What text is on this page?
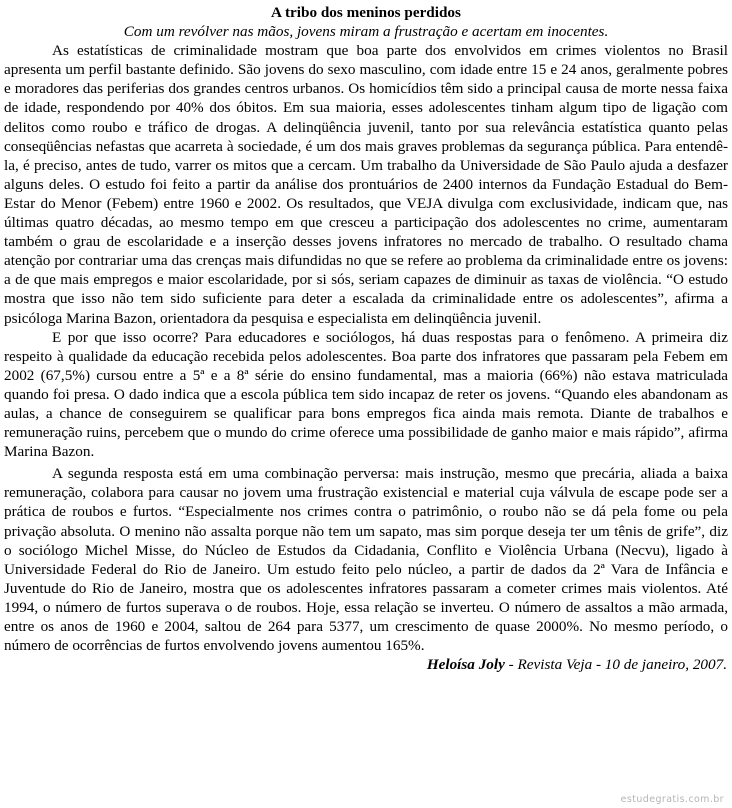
A tribo dos meninos perdidos

Com um revólver nas mãos, jovens miram a frustração e acertam em inocentes.

As estatísticas de criminalidade mostram que boa parte dos envolvidos em crimes violentos no Brasil apresenta um perfil bastante definido. São jovens do sexo masculino, com idade entre 15 e 24 anos, geralmente pobres e moradores das periferias dos grandes centros urbanos. Os homicídios têm sido a principal causa de morte nessa faixa de idade, respondendo por 40% dos óbitos. Em sua maioria, esses adolescentes tinham algum tipo de ligação com delitos como roubo e tráfico de drogas. A delinqüência juvenil, tanto por sua relevância estatística quanto pelas conseqüências nefastas que acarreta à sociedade, é um dos mais graves problemas da segurança pública. Para entendê-la, é preciso, antes de tudo, varrer os mitos que a cercam. Um trabalho da Universidade de São Paulo ajuda a desfazer alguns deles. O estudo foi feito a partir da análise dos prontuários de 2400 internos da Fundação Estadual do Bem-Estar do Menor (Febem) entre 1960 e 2002. Os resultados, que VEJA divulga com exclusividade, indicam que, nas últimas quatro décadas, ao mesmo tempo em que cresceu a participação dos adolescentes no crime, aumentaram também o grau de escolaridade e a inserção desses jovens infratores no mercado de trabalho. O resultado chama atenção por contrariar uma das crenças mais difundidas no que se refere ao problema da criminalidade entre os jovens: a de que mais empregos e maior escolaridade, por si sós, seriam capazes de diminuir as taxas de violência. “O estudo mostra que isso não tem sido suficiente para deter a escalada da criminalidade entre os adolescentes”, afirma a psicóloga Marina Bazon, orientadora da pesquisa e especialista em delinqüência juvenil.

E por que isso ocorre? Para educadores e sociólogos, há duas respostas para o fenômeno. A primeira diz respeito à qualidade da educação recebida pelos adolescentes. Boa parte dos infratores que passaram pela Febem em 2002 (67,5%) cursou entre a 5ª e a 8ª série do ensino fundamental, mas a maioria (66%) não estava matriculada quando foi presa. O dado indica que a escola pública tem sido incapaz de reter os jovens. “Quando eles abandonam as aulas, a chance de conseguirem se qualificar para bons empregos fica ainda mais remota. Diante de trabalhos e remuneração ruins, percebem que o mundo do crime oferece uma possibilidade de ganho maior e mais rápido”, afirma Marina Bazon.

A segunda resposta está em uma combinação perversa: mais instrução, mesmo que precária, aliada a baixa remuneração, colabora para causar no jovem uma frustração existencial e material cuja válvula de escape pode ser a prática de roubos e furtos. “Especialmente nos crimes contra o patrimônio, o roubo não se dá pela fome ou pela privação absoluta. O menino não assalta porque não tem um sapato, mas sim porque deseja ter um tênis de grife”, diz o sociólogo Michel Misse, do Núcleo de Estudos da Cidadania, Conflito e Violência Urbana (Necvu), ligado à Universidade Federal do Rio de Janeiro. Um estudo feito pelo núcleo, a partir de dados da 2ª Vara de Infância e Juventude do Rio de Janeiro, mostra que os adolescentes infratores passaram a cometer crimes mais violentos. Até 1994, o número de furtos superava o de roubos. Hoje, essa relação se inverteu. O número de assaltos a mão armada, entre os anos de 1960 e 2004, saltou de 264 para 5377, um crescimento de quase 2000%. No mesmo período, o número de ocorrências de furtos envolvendo jovens aumentou 165%.

Heloísa Joly - Revista Veja - 10 de janeiro, 2007.

estudegratis.com.br
